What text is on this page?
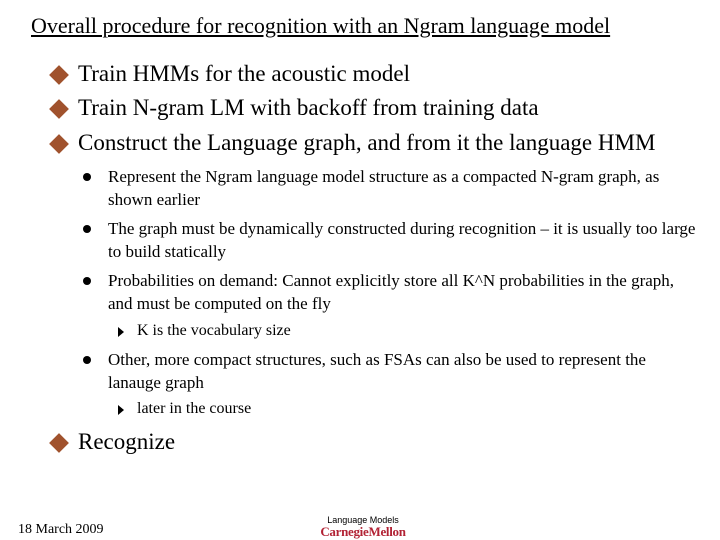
Overall procedure for recognition with an Ngram language model
Train HMMs for the acoustic model
Train N-gram LM with backoff from training data
Construct the Language graph, and from it the language HMM
Represent the Ngram language model structure as a compacted N-gram graph, as shown earlier
The graph must be dynamically constructed during recognition – it is usually too large to build statically
Probabilities on demand: Cannot explicitly store all K^N probabilities in the graph, and must be computed on the fly
K is the vocabulary size
Other, more compact structures, such as FSAs can also be used to represent the lanauge graph
later in the course
Recognize
18 March 2009
Language Models
CarnegieMellon
